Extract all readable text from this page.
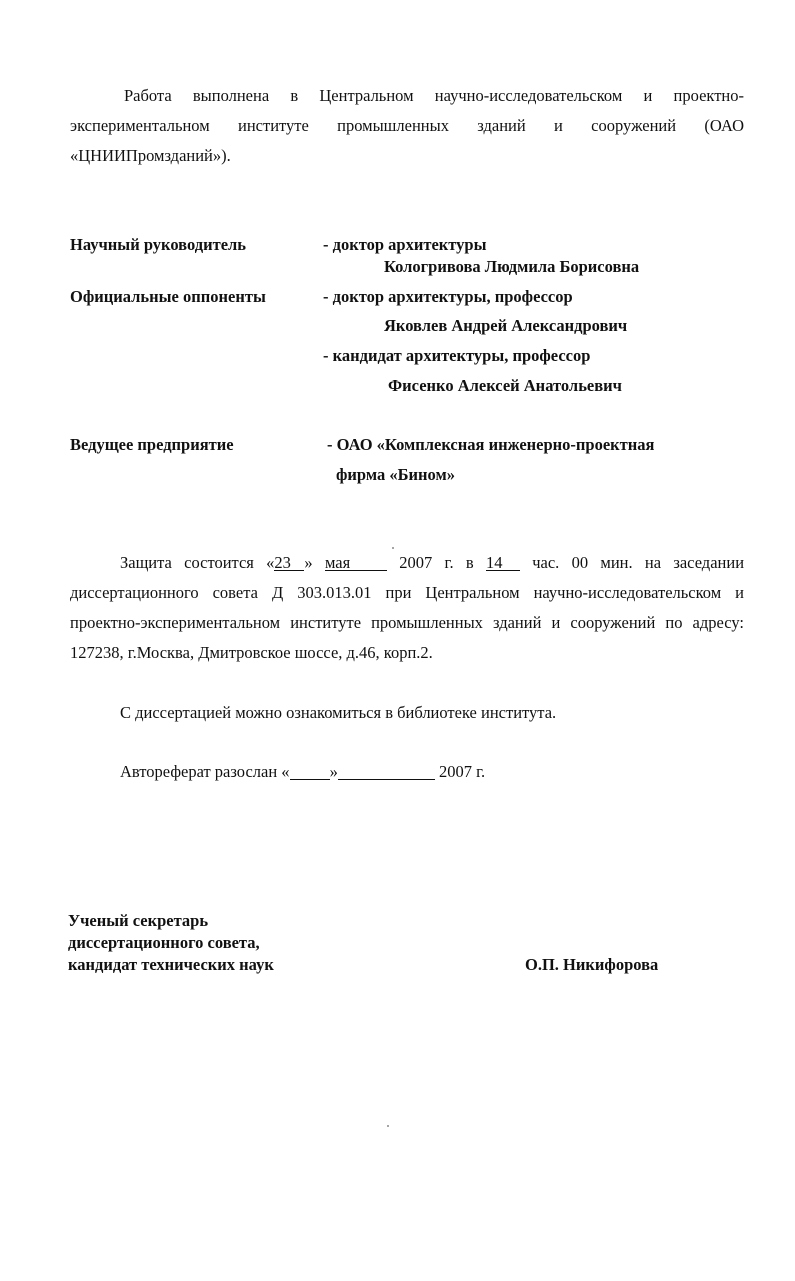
Работа выполнена в Центральном научно-исследовательском и проектно-
экспериментальном институте промышленных зданий и сооружений (ОАО
«ЦНИИПромзданий»).
Научный руководитель	- доктор архитектуры
Кологривова Людмила Борисовна
Официальные оппоненты	- доктор архитектуры, профессор
Яковлев Андрей Александрович
- кандидат архитектуры, профессор
Фисенко Алексей Анатольевич
Ведущее предприятие	- ОАО «Комплексная инженерно-проектная
фирма «Бином»
Защита состоится «23 » мая	2007 г. в 14 час. 00 мин. на заседании
диссертационного совета Д 303.013.01 при Центральном научно-исследовательском и
проектно-экспериментальном институте промышленных зданий и сооружений по адресу:
127238, г.Москва, Дмитровское шоссе, д.46, корп.2.
С диссертацией можно ознакомиться в библиотеке института.
Автореферат разослан « »	2007 г.
Ученый секретарь
диссертационного совета,
кандидат технических наук	О.П. Никифорова
